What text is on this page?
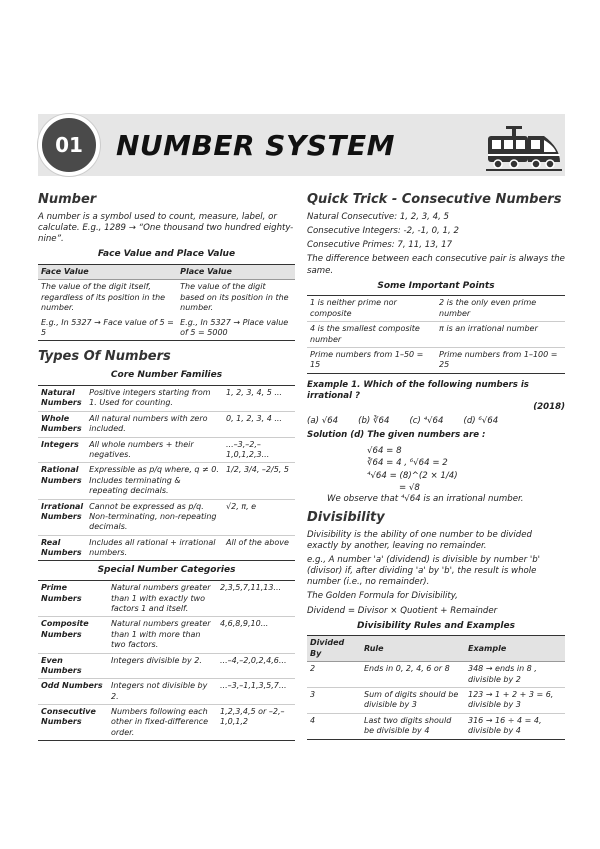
01	NUMBER SYSTEM
Number

A number is a symbol used to count, measure, label, or calculate. E.g., 1289 → “One thousand two hundred eighty-nine”.

Face Value and Place Value
Face Value	Place Value
The value of the digit itself, regardless of its position in the number.	The value of the digit based on its position in the number.
E.g., In 5327 → Face value of 5 = 5	E.g., In 5327 → Place value of 5 = 5000
Types Of Numbers
Core Number Families
Natural Numbers	Positive integers starting from 1. Used for counting.	1, 2, 3, 4, 5 ...
Whole Numbers	All natural numbers with zero included.	0, 1, 2, 3, 4 ...
Integers	All whole numbers + their negatives.	...–3,–2,–1,0,1,2,3...
Rational Numbers	Expressible as p/q where, q ≠ 0. Includes terminating & repeating decimals.	1/2, 3/4, –2/5, 5
Irrational Numbers	Cannot be expressed as p/q. Non-terminating, non-repeating decimals.	√2, π, e
Real Numbers	Includes all rational + irrational numbers.	All of the above
Special Number Categories
Prime Numbers	Natural numbers greater than 1 with exactly two factors 1 and itself.	2,3,5,7,11,13...
Composite Numbers	Natural numbers greater than 1 with more than two factors.	4,6,8,9,10...
Even Numbers	Integers divisible by 2.	...–4,–2,0,2,4,6...
Odd Numbers	Integers not divisible by 2.	...–3,–1,1,3,5,7...
Consecutive Numbers	Numbers following each other in fixed-difference order.	1,2,3,4,5 or –2,–1,0,1,2
Quick Trick - Consecutive Numbers

Natural Consecutive: 1, 2, 3, 4, 5

Consecutive Integers: -2, -1, 0, 1, 2

Consecutive Primes: 7, 11, 13, 17

The difference between each consecutive pair is always the same.

Some Important Points
1 is neither prime nor composite	2 is the only even prime number
4 is the smallest composite number	π is an irrational number
Prime numbers from 1–50 = 15	Prime numbers from 1–100 = 25
Example 1. Which of the following numbers is irrational ?
(2018)
(a) √64 (b) ∛64 (c) ⁴√64 (d) ⁶√64

Solution (d) The given numbers are :

√64 = 8
∛64 = 4 , ⁶√64 = 2
⁴√64 = (8)^(2 × 1/4)
= √8

We observe that ⁴√64 is an irrational number.

Divisibility

Divisibility is the ability of one number to be divided exactly by another, leaving no remainder.

e.g., A number 'a' (dividend) is divisible by number 'b' (divisor) if, after dividing 'a' by 'b', the result is whole number (i.e., no remainder).

The Golden Formula for Divisibility,

Dividend = Divisor × Quotient + Remainder

Divisibility Rules and Examples
Divided By	Rule	Example
2	Ends in 0, 2, 4, 6 or 8	348 → ends in 8 , divisible by 2
3	Sum of digits should be divisible by 3	123 → 1 + 2 + 3 = 6, divisible by 3
4	Last two digits should be divisible by 4	316 → 16 ÷ 4 = 4, divisible by 4
